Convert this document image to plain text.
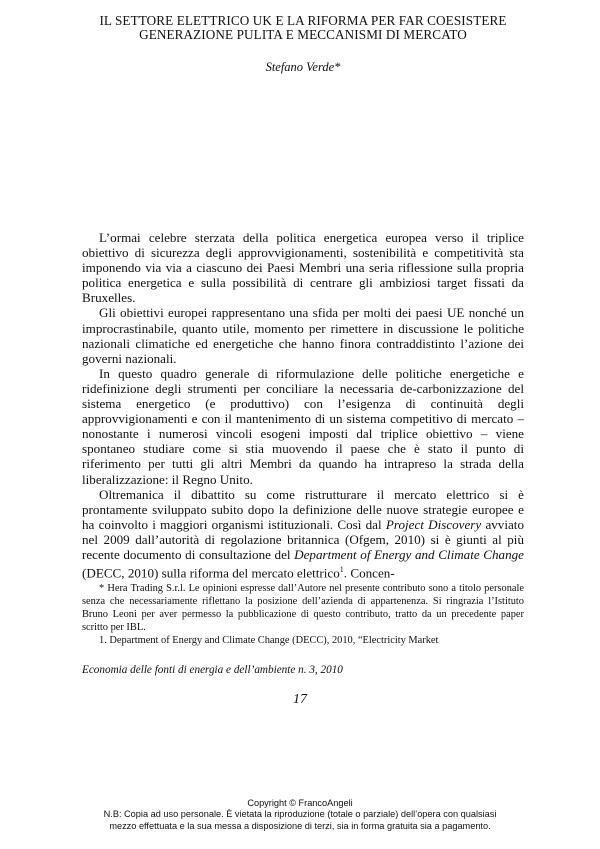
IL SETTORE ELETTRICO UK E LA RIFORMA PER FAR COESISTERE
GENERAZIONE PULITA E MECCANISMI DI MERCATO
Stefano Verde*

L’ormai celebre sterzata della politica energetica europea verso il triplice obiettivo di sicurezza degli approvvigionamenti, sostenibilità e competitività sta imponendo via via a ciascuno dei Paesi Membri una seria riflessione sulla propria politica energetica e sulla possibilità di centrare gli ambiziosi target fissati da Bruxelles.

Gli obiettivi europei rappresentano una sfida per molti dei paesi UE nonché un improcrastinabile, quanto utile, momento per rimettere in discussione le politiche nazionali climatiche ed energetiche che hanno finora contraddistinto l’azione dei governi nazionali.

In questo quadro generale di riformulazione delle politiche energetiche e ridefinizione degli strumenti per conciliare la necessaria de-carbonizzazione del sistema energetico (e produttivo) con l’esigenza di continuità degli approvvigionamenti e con il mantenimento di un sistema competitivo di mercato – nonostante i numerosi vincoli esogeni imposti dal triplice obiettivo – viene spontaneo studiare come si stia muovendo il paese che è stato il punto di riferimento per tutti gli altri Membri da quando ha intrapreso la strada della liberalizzazione: il Regno Unito.

Oltremanica il dibattito su come ristrutturare il mercato elettrico si è prontamente sviluppato subito dopo la definizione delle nuove strategie europee e ha coinvolto i maggiori organismi istituzionali. Così dal Project Discovery avviato nel 2009 dall’autorità di regolazione britannica (Ofgem, 2010) si è giunti al più recente documento di consultazione del Department of Energy and Climate Change (DECC, 2010) sulla riforma del mercato elettrico$^1$. Concen-

* Hera Trading S.r.l. Le opinioni espresse dall’Autore nel presente contributo sono a titolo personale senza che necessariamente riflettano la posizione dell’azienda di appartenenza. Si ringrazia l’Istituto Bruno Leoni per aver permesso la pubblicazione di questo contributo, tratto da un precedente paper scritto per IBL.

1. Department of Energy and Climate Change (DECC), 2010, “Electricity Market

Economia delle fonti di energia e dell’ambiente n. 3, 2010
17
Copyright © FrancoAngeli
N.B: Copia ad uso personale. È vietata la riproduzione (totale o parziale) dell’opera con qualsiasi
mezzo effettuata e la sua messa a disposizione di terzi, sia in forma gratuita sia a pagamento.
